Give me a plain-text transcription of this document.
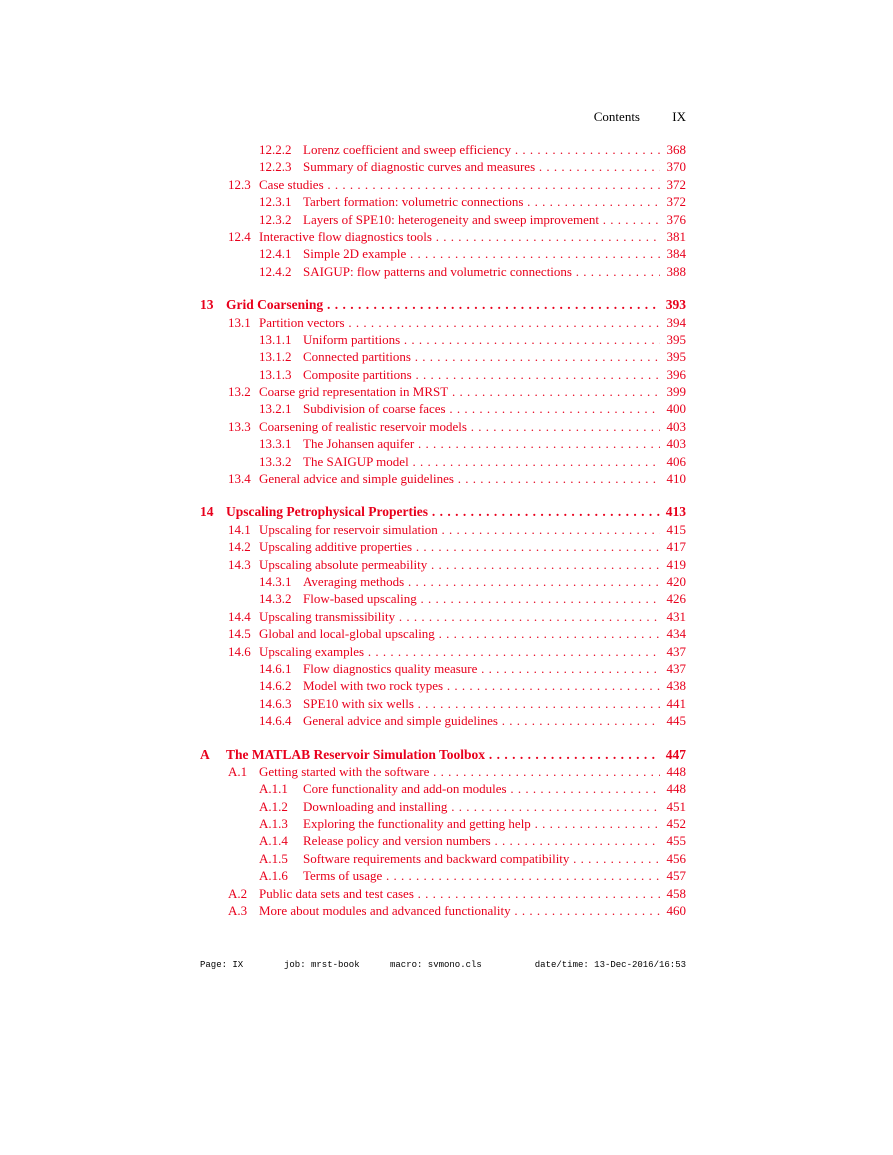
Contents IX
12.2.2 Lorenz coefficient and sweep efficiency . . .	368
12.2.3 Summary of diagnostic curves and measures . . .	370
12.3 Case studies . . .	372
12.3.1 Tarbert formation: volumetric connections . . .	372
12.3.2 Layers of SPE10: heterogeneity and sweep improvement . . .	376
12.4 Interactive flow diagnostics tools . . .	381
12.4.1 Simple 2D example . . .	384
12.4.2 SAIGUP: flow patterns and volumetric connections . . .	388
13 Grid Coarsening . . .	393
13.1 Partition vectors . . .	394
13.1.1 Uniform partitions . . .	395
13.1.2 Connected partitions . . .	395
13.1.3 Composite partitions . . .	396
13.2 Coarse grid representation in MRST . . .	399
13.2.1 Subdivision of coarse faces . . .	400
13.3 Coarsening of realistic reservoir models . . .	403
13.3.1 The Johansen aquifer . . .	403
13.3.2 The SAIGUP model . . .	406
13.4 General advice and simple guidelines . . .	410
14 Upscaling Petrophysical Properties . . .	413
14.1 Upscaling for reservoir simulation . . .	415
14.2 Upscaling additive properties . . .	417
14.3 Upscaling absolute permeability . . .	419
14.3.1 Averaging methods . . .	420
14.3.2 Flow-based upscaling . . .	426
14.4 Upscaling transmissibility . . .	431
14.5 Global and local-global upscaling . . .	434
14.6 Upscaling examples . . .	437
14.6.1 Flow diagnostics quality measure . . .	437
14.6.2 Model with two rock types . . .	438
14.6.3 SPE10 with six wells . . .	441
14.6.4 General advice and simple guidelines . . .	445
A The MATLAB Reservoir Simulation Toolbox . . .	447
A.1 Getting started with the software . . .	448
A.1.1 Core functionality and add-on modules . . .	448
A.1.2 Downloading and installing . . .	451
A.1.3 Exploring the functionality and getting help . . .	452
A.1.4 Release policy and version numbers . . .	455
A.1.5 Software requirements and backward compatibility . . .	456
A.1.6 Terms of usage . . .	457
A.2 Public data sets and test cases . . .	458
A.3 More about modules and advanced functionality . . .	460
Page: IX	job: mrst-book	macro: svmono.cls	date/time: 13-Dec-2016/16:53
